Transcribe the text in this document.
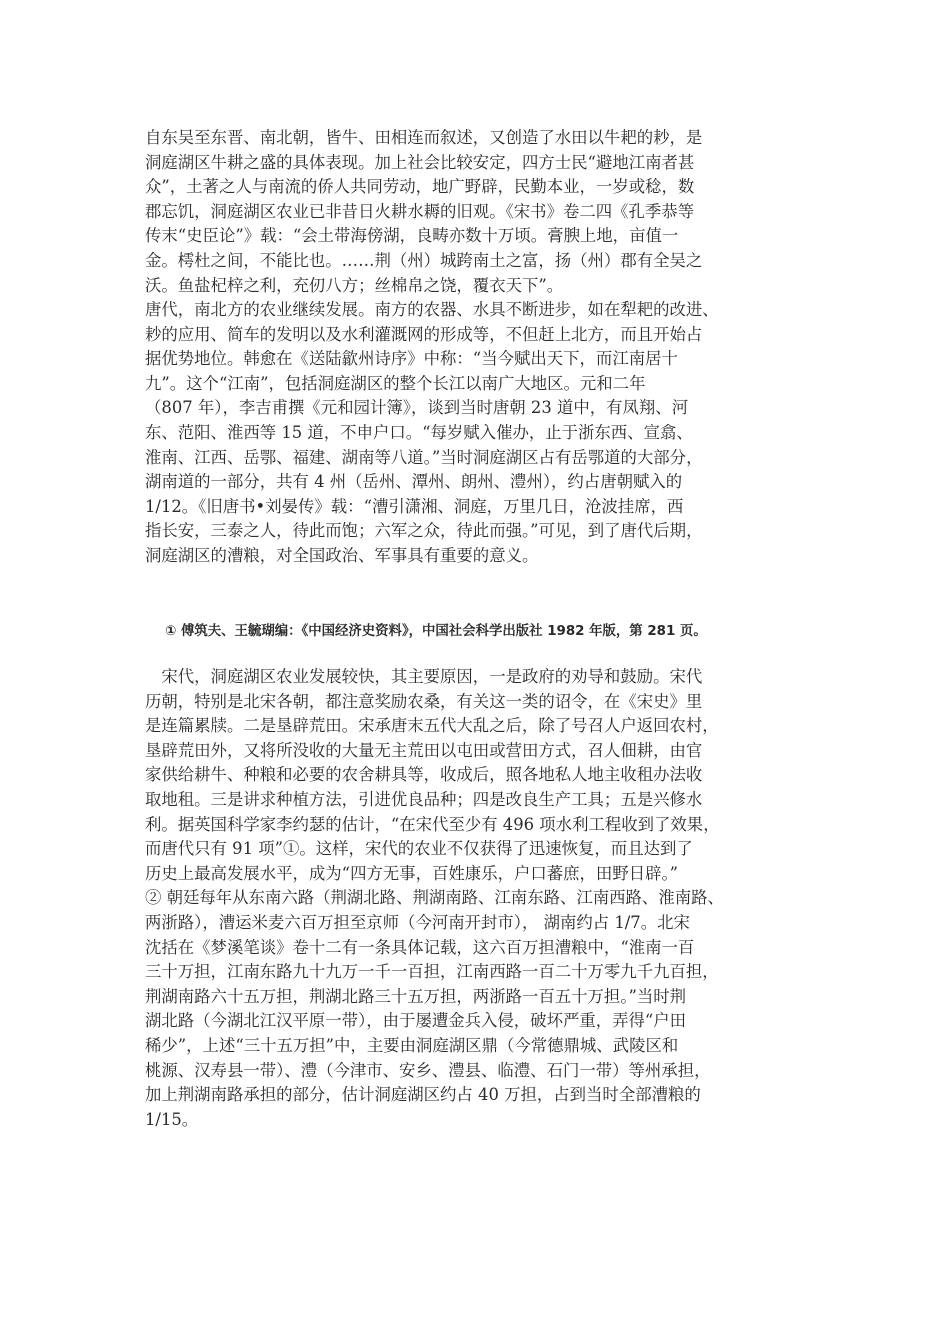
自东吴至东晋、南北朝，皆牛、田相连而叙述，又创造了水田以牛耙的耖，是
洞庭湖区牛耕之盛的具体表现。加上社会比较安定，四方士民“避地江南者甚
众”，土著之人与南流的侨人共同劳动，地广野辟，民勤本业，一岁或稔，数
郡忘饥，洞庭湖区农业已非昔日火耕水耨的旧观。《宋书》卷二四《孔季恭等
传末“史臣论”》载：“会土带海傍湖，良畴亦数十万顷。膏腴上地，亩值一
金。樗杜之间，不能比也。……荆（州）城跨南土之富，扬（州）郡有全吴之
沃。鱼盐杞梓之利，充仞八方；丝棉帛之饶，覆衣天下”。
唐代，南北方的农业继续发展。南方的农器、水具不断进步，如在犁耙的改进、
耖的应用、简车的发明以及水利灌溉网的形成等，不但赶上北方，而且开始占
据优势地位。韩愈在《送陆歙州诗序》中称：“当今赋出天下，而江南居十
九”。这个“江南”，包括洞庭湖区的整个长江以南广大地区。元和二年
（807 年），李吉甫撰《元和园计簿》，谈到当时唐朝 23 道中，有凤翔、河
东、范阳、淮西等 15 道，不申户口。“每岁赋入催办，止于浙东西、宣翕、
淮南、江西、岳鄂、福建、湖南等八道。”当时洞庭湖区占有岳鄂道的大部分，
湖南道的一部分，共有 4 州（岳州、潭州、朗州、澧州），约占唐朝赋入的
1/12。《旧唐书•刘晏传》载：“漕引潇湘、洞庭，万里几日，沧波挂席，西
指长安，三泰之人，待此而饱；六军之众，待此而强。”可见，到了唐代后期，
洞庭湖区的漕粮，对全国政治、军事具有重要的意义。
① 傅筑夫、王毓瑚编：《中国经济史资料》，中国社会科学出版社 1982 年版，第 281 页。
　宋代，洞庭湖区农业发展较快，其主要原因，一是政府的劝导和鼓励。宋代
历朝，特别是北宋各朝，都注意奖励农桑，有关这一类的诏令，在《宋史》里
是连篇累牍。二是垦辟荒田。宋承唐末五代大乱之后，除了号召人户返回农村，
垦辟荒田外，又将所没收的大量无主荒田以屯田或营田方式，召人佃耕，由官
家供给耕牛、种粮和必要的农舍耕具等，收成后，照各地私人地主收租办法收
取地租。三是讲求种植方法，引进优良品种；四是改良生产工具；五是兴修水
利。据英国科学家李约瑟的估计，“在宋代至少有 496 项水利工程收到了效果，
而唐代只有 91 项”①。这样，宋代的农业不仅获得了迅速恢复，而且达到了
历史上最高发展水平，成为“四方无事，百姓康乐，户口蕃庶，田野日辟。”
② 朝廷每年从东南六路（荆湖北路、荆湖南路、江南东路、江南西路、淮南路、
两浙路），漕运米麦六百万担至京师（今河南开封市）， 湖南约占 1/7。北宋
沈括在《梦溪笔谈》卷十二有一条具体记载，这六百万担漕粮中，“淮南一百
三十万担，江南东路九十九万一千一百担，江南西路一百二十万零九千九百担，
荆湖南路六十五万担，荆湖北路三十五万担，两浙路一百五十万担。”当时荆
湖北路（今湖北江汉平原一带），由于屡遭金兵入侵，破坏严重，弄得“户田
稀少”，上述“三十五万担”中，主要由洞庭湖区鼎（今常德鼎城、武陵区和
桃源、汉寿县一带）、澧（今津市、安乡、澧县、临澧、石门一带）等州承担，
加上荆湖南路承担的部分，估计洞庭湖区约占 40 万担，占到当时全部漕粮的
1/15。
